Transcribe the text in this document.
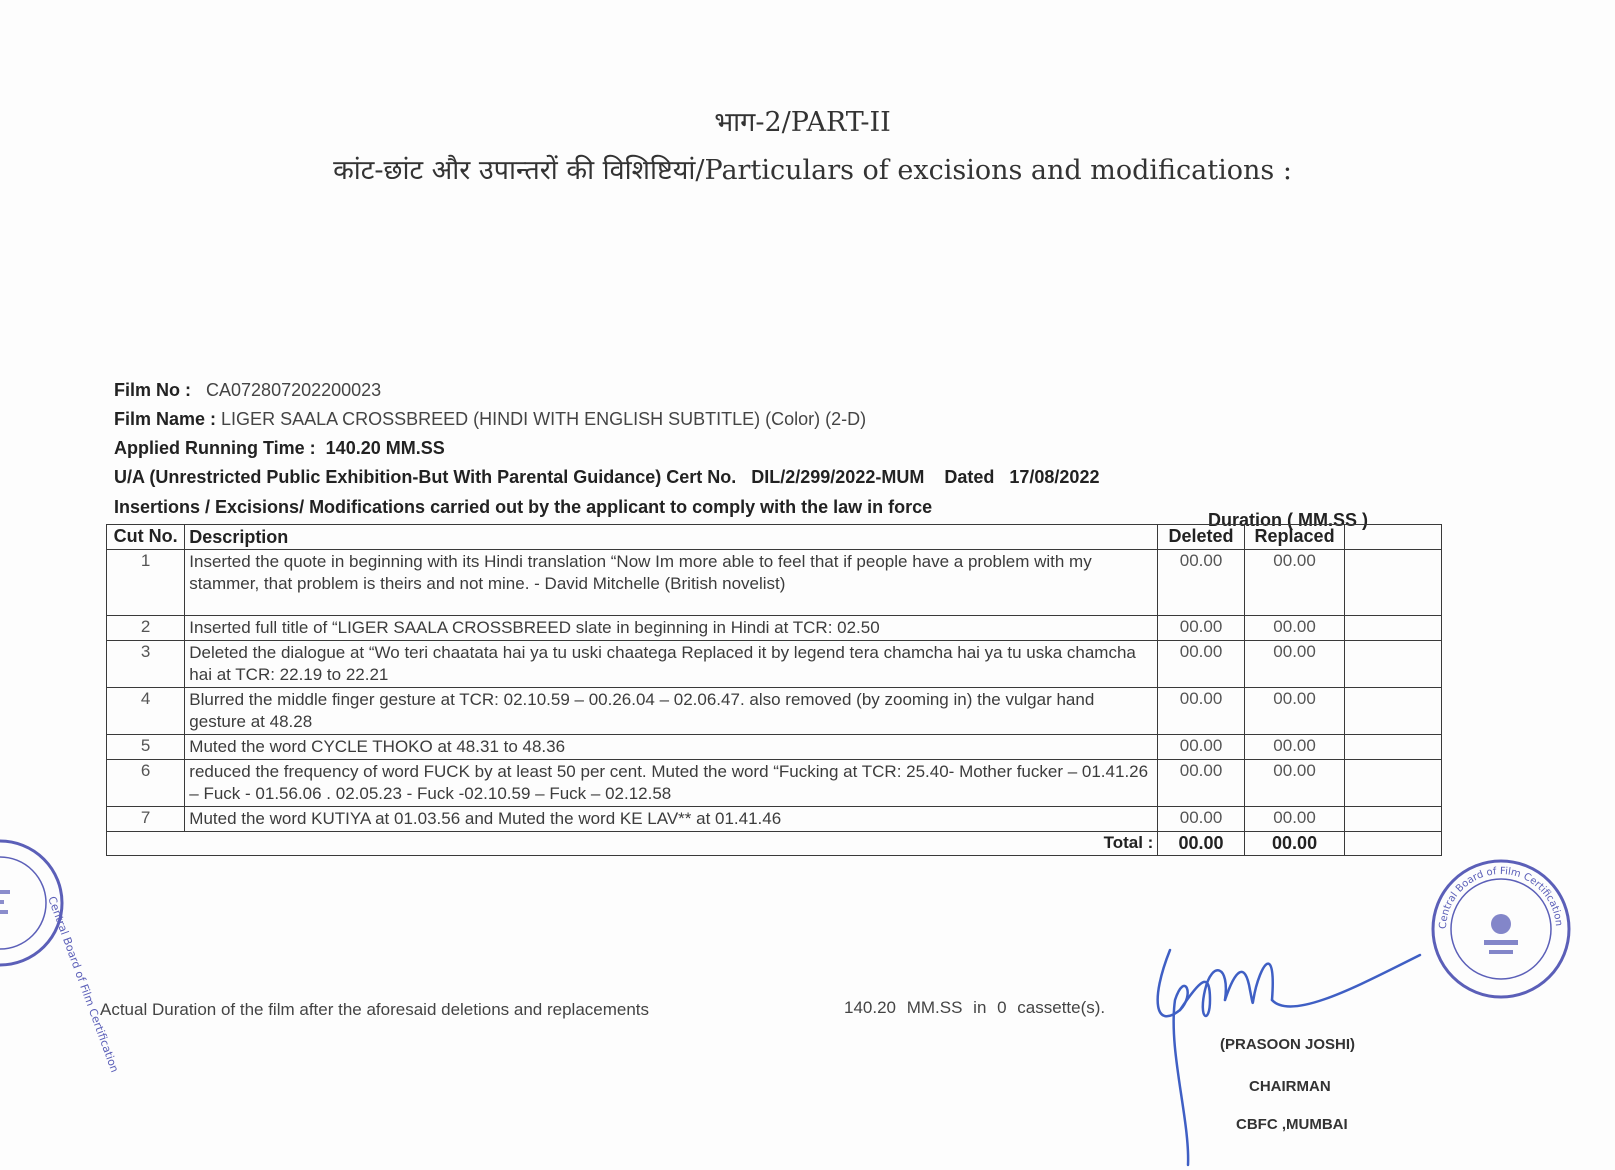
भाग-2/PART-II
कांट-छांट और उपान्तरों की विशिष्टियां/Particulars of excisions and modifications :
Film No : CA072807202200023
Film Name : LIGER SAALA CROSSBREED (HINDI WITH ENGLISH SUBTITLE) (Color) (2-D)
Applied Running Time : 140.20 MM.SS
U/A (Unrestricted Public Exhibition-But With Parental Guidance) Cert No. DIL/2/299/2022-MUM Dated 17/08/2022
Insertions / Excisions/ Modifications carried out by the applicant to comply with the law in force
Duration ( MM.SS )
Cut No.	Description	Deleted	Replaced	
1	Inserted the quote in beginning with its Hindi translation “Now Im more able to feel that if people have a problem with my stammer, that problem is theirs and not mine. - David Mitchelle (British novelist)	00.00	00.00	
2	Inserted full title of “LIGER SAALA CROSSBREED slate in beginning in Hindi at TCR: 02.50	00.00	00.00	
3	Deleted the dialogue at “Wo teri chaatata hai ya tu uski chaatega Replaced it by legend tera chamcha hai ya tu uska chamcha hai at TCR: 22.19 to 22.21	00.00	00.00	
4	Blurred the middle finger gesture at TCR: 02.10.59 – 00.26.04 – 02.06.47. also removed (by zooming in) the vulgar hand gesture at 48.28	00.00	00.00	
5	Muted the word CYCLE THOKO at 48.31 to 48.36	00.00	00.00	
6	reduced the frequency of word FUCK by at least 50 per cent. Muted the word “Fucking at TCR: 25.40- Mother fucker – 01.41.26 – Fuck - 01.56.06 . 02.05.23 - Fuck -02.10.59 – Fuck – 02.12.58	00.00	00.00	
7	Muted the word KUTIYA at 01.03.56 and Muted the word KE LAV** at 01.41.46	00.00	00.00	
Total :		00.00	00.00	
Actual Duration of the film after the aforesaid deletions and replacements	140.20 MM.SS in 0 cassette(s).
Central Board of Film Certification	Central Board of Film Certification
(PRASOON JOSHI)
CHAIRMAN
CBFC ,MUMBAI
